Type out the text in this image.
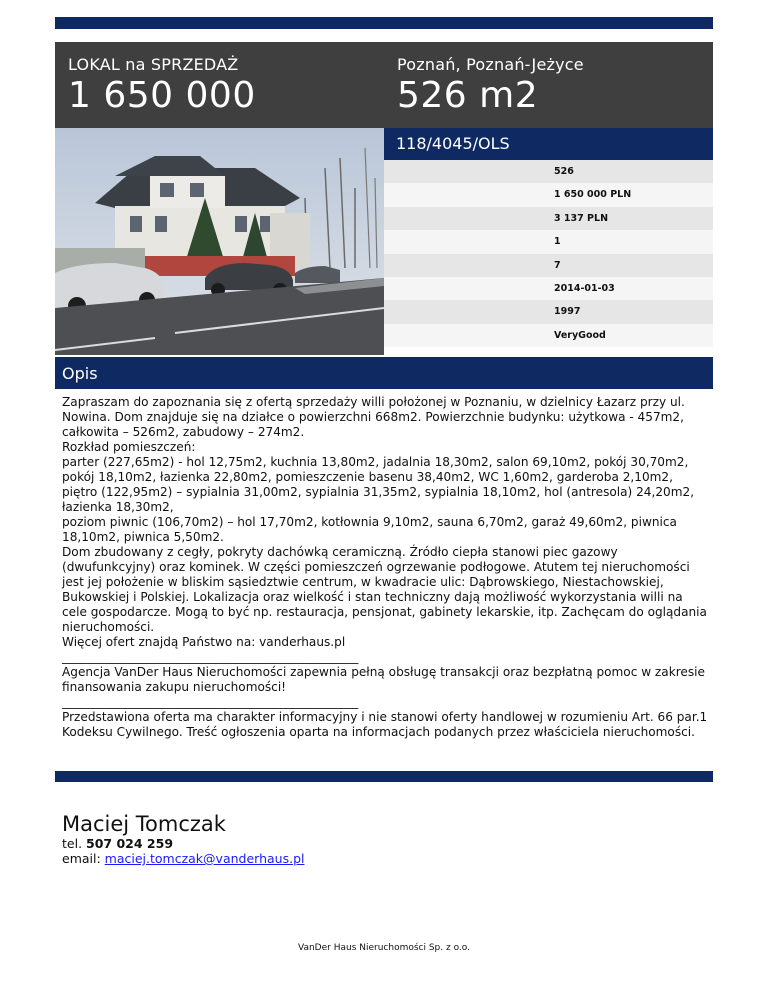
LOKAL na SPRZEDAŻ
1 650 000
Poznań, Poznań-Jeżyce
526 m2
118/4045/OLS
526
1 650 000 PLN
3 137 PLN
1
7
2014-01-03
1997
VeryGood
Opis

Zapraszam do zapoznania się z ofertą sprzedaży willi położonej w Poznaniu, w dzielnicy Łazarz przy ul. Nowina. Dom znajduje się na działce o powierzchni 668m2. Powierzchnie budynku: użytkowa - 457m2, całkowita – 526m2, zabudowy – 274m2.

Rozkład pomieszczeń:

parter (227,65m2) - hol 12,75m2, kuchnia 13,80m2, jadalnia 18,30m2, salon 69,10m2, pokój 30,70m2, pokój 18,10m2, łazienka 22,80m2, pomieszczenie basenu 38,40m2, WC 1,60m2, garderoba 2,10m2,

piętro (122,95m2) – sypialnia 31,00m2, sypialnia 31,35m2, sypialnia 18,10m2, hol (antresola) 24,20m2, łazienka 18,30m2,

poziom piwnic (106,70m2) – hol 17,70m2, kotłownia 9,10m2, sauna 6,70m2, garaż 49,60m2, piwnica 18,10m2, piwnica 5,50m2.

Dom zbudowany z cegły, pokryty dachówką ceramiczną. Źródło ciepła stanowi piec gazowy (dwufunkcyjny) oraz kominek. W części pomieszczeń ogrzewanie podłogowe. Atutem tej nieruchomości jest jej położenie w bliskim sąsiedztwie centrum, w kwadracie ulic: Dąbrowskiego, Niestachowskiej, Bukowskiej i Polskiej. Lokalizacja oraz wielkość i stan techniczny dają możliwość wykorzystania willi na cele gospodarcze. Mogą to być np. restauracja, pensjonat, gabinety lekarskie, itp. Zachęcam do oglądania nieruchomości.

Więcej ofert znajdą Państwo na: vanderhaus.pl

_________________________________________________

Agencja VanDer Haus Nieruchomości zapewnia pełną obsługę transakcji oraz bezpłatną pomoc w zakresie finansowania zakupu nieruchomości!

_________________________________________________

Przedstawiona oferta ma charakter informacyjny i nie stanowi oferty handlowej w rozumieniu Art. 66 par.1 Kodeksu Cywilnego. Treść ogłoszenia oparta na informacjach podanych przez właściciela nieruchomości.

Maciej Tomczak
tel. 507 024 259
email: maciej.tomczak@vanderhaus.pl
VanDer Haus Nieruchomości Sp. z o.o.
